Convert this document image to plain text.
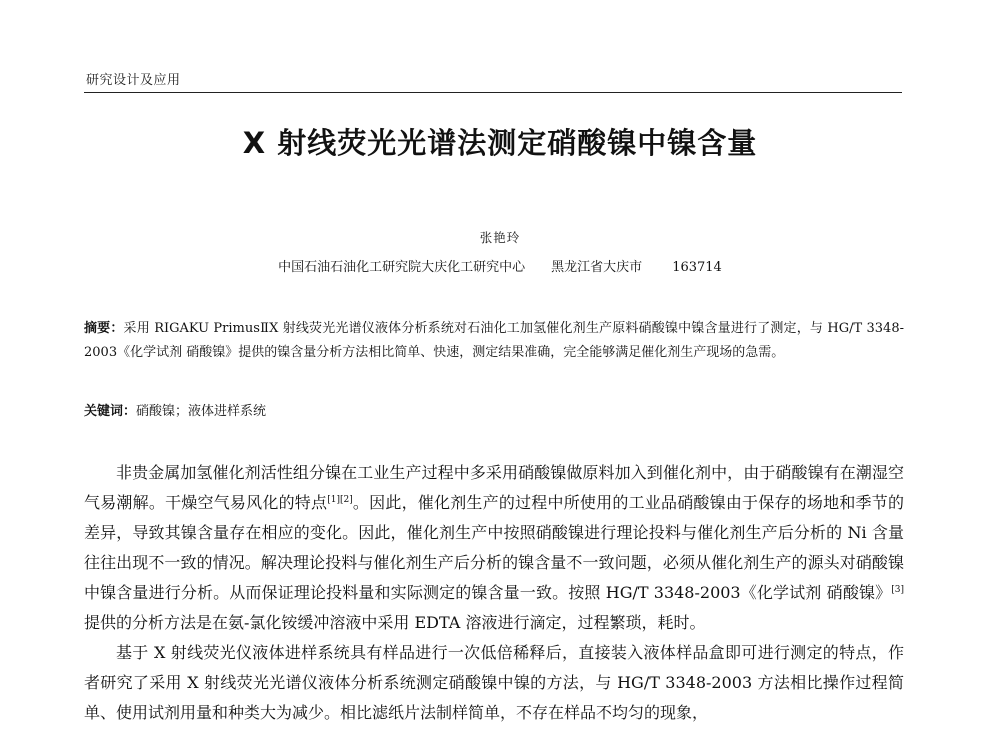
研究设计及应用
X 射线荧光光谱法测定硝酸镍中镍含量
张艳玲
中国石油石油化工研究院大庆化工研究中心 黑龙江省大庆市 163714
摘要：采用 RIGAKU PrimusⅡX 射线荧光光谱仪液体分析系统对石油化工加氢催化剂生产原料硝酸镍中镍含量进行了测定，与 HG/T 3348-2003《化学试剂 硝酸镍》提供的镍含量分析方法相比简单、快速，测定结果准确，完全能够满足催化剂生产现场的急需。
关键词：硝酸镍；液体进样系统

非贵金属加氢催化剂活性组分镍在工业生产过程中多采用硝酸镍做原料加入到催化剂中，由于硝酸镍有在潮湿空气易潮解。干燥空气易风化的特点[1][2]。因此，催化剂生产的过程中所使用的工业品硝酸镍由于保存的场地和季节的差异，导致其镍含量存在相应的变化。因此，催化剂生产中按照硝酸镍进行理论投料与催化剂生产后分析的 Ni 含量往往出现不一致的情况。解决理论投料与催化剂生产后分析的镍含量不一致问题，必须从催化剂生产的源头对硝酸镍中镍含量进行分析。从而保证理论投料量和实际测定的镍含量一致。按照 HG/T 3348-2003《化学试剂 硝酸镍》[3]提供的分析方法是在氨-氯化铵缓冲溶液中采用 EDTA 溶液进行滴定，过程繁琐，耗时。

基于 X 射线荧光仪液体进样系统具有样品进行一次低倍稀释后，直接装入液体样品盒即可进行测定的特点，作者研究了采用 X 射线荧光光谱仪液体分析系统测定硝酸镍中镍的方法，与 HG/T 3348-2003 方法相比操作过程简单、使用试剂用量和种类大为减少。相比滤纸片法制样简单，不存在样品不均匀的现象，
